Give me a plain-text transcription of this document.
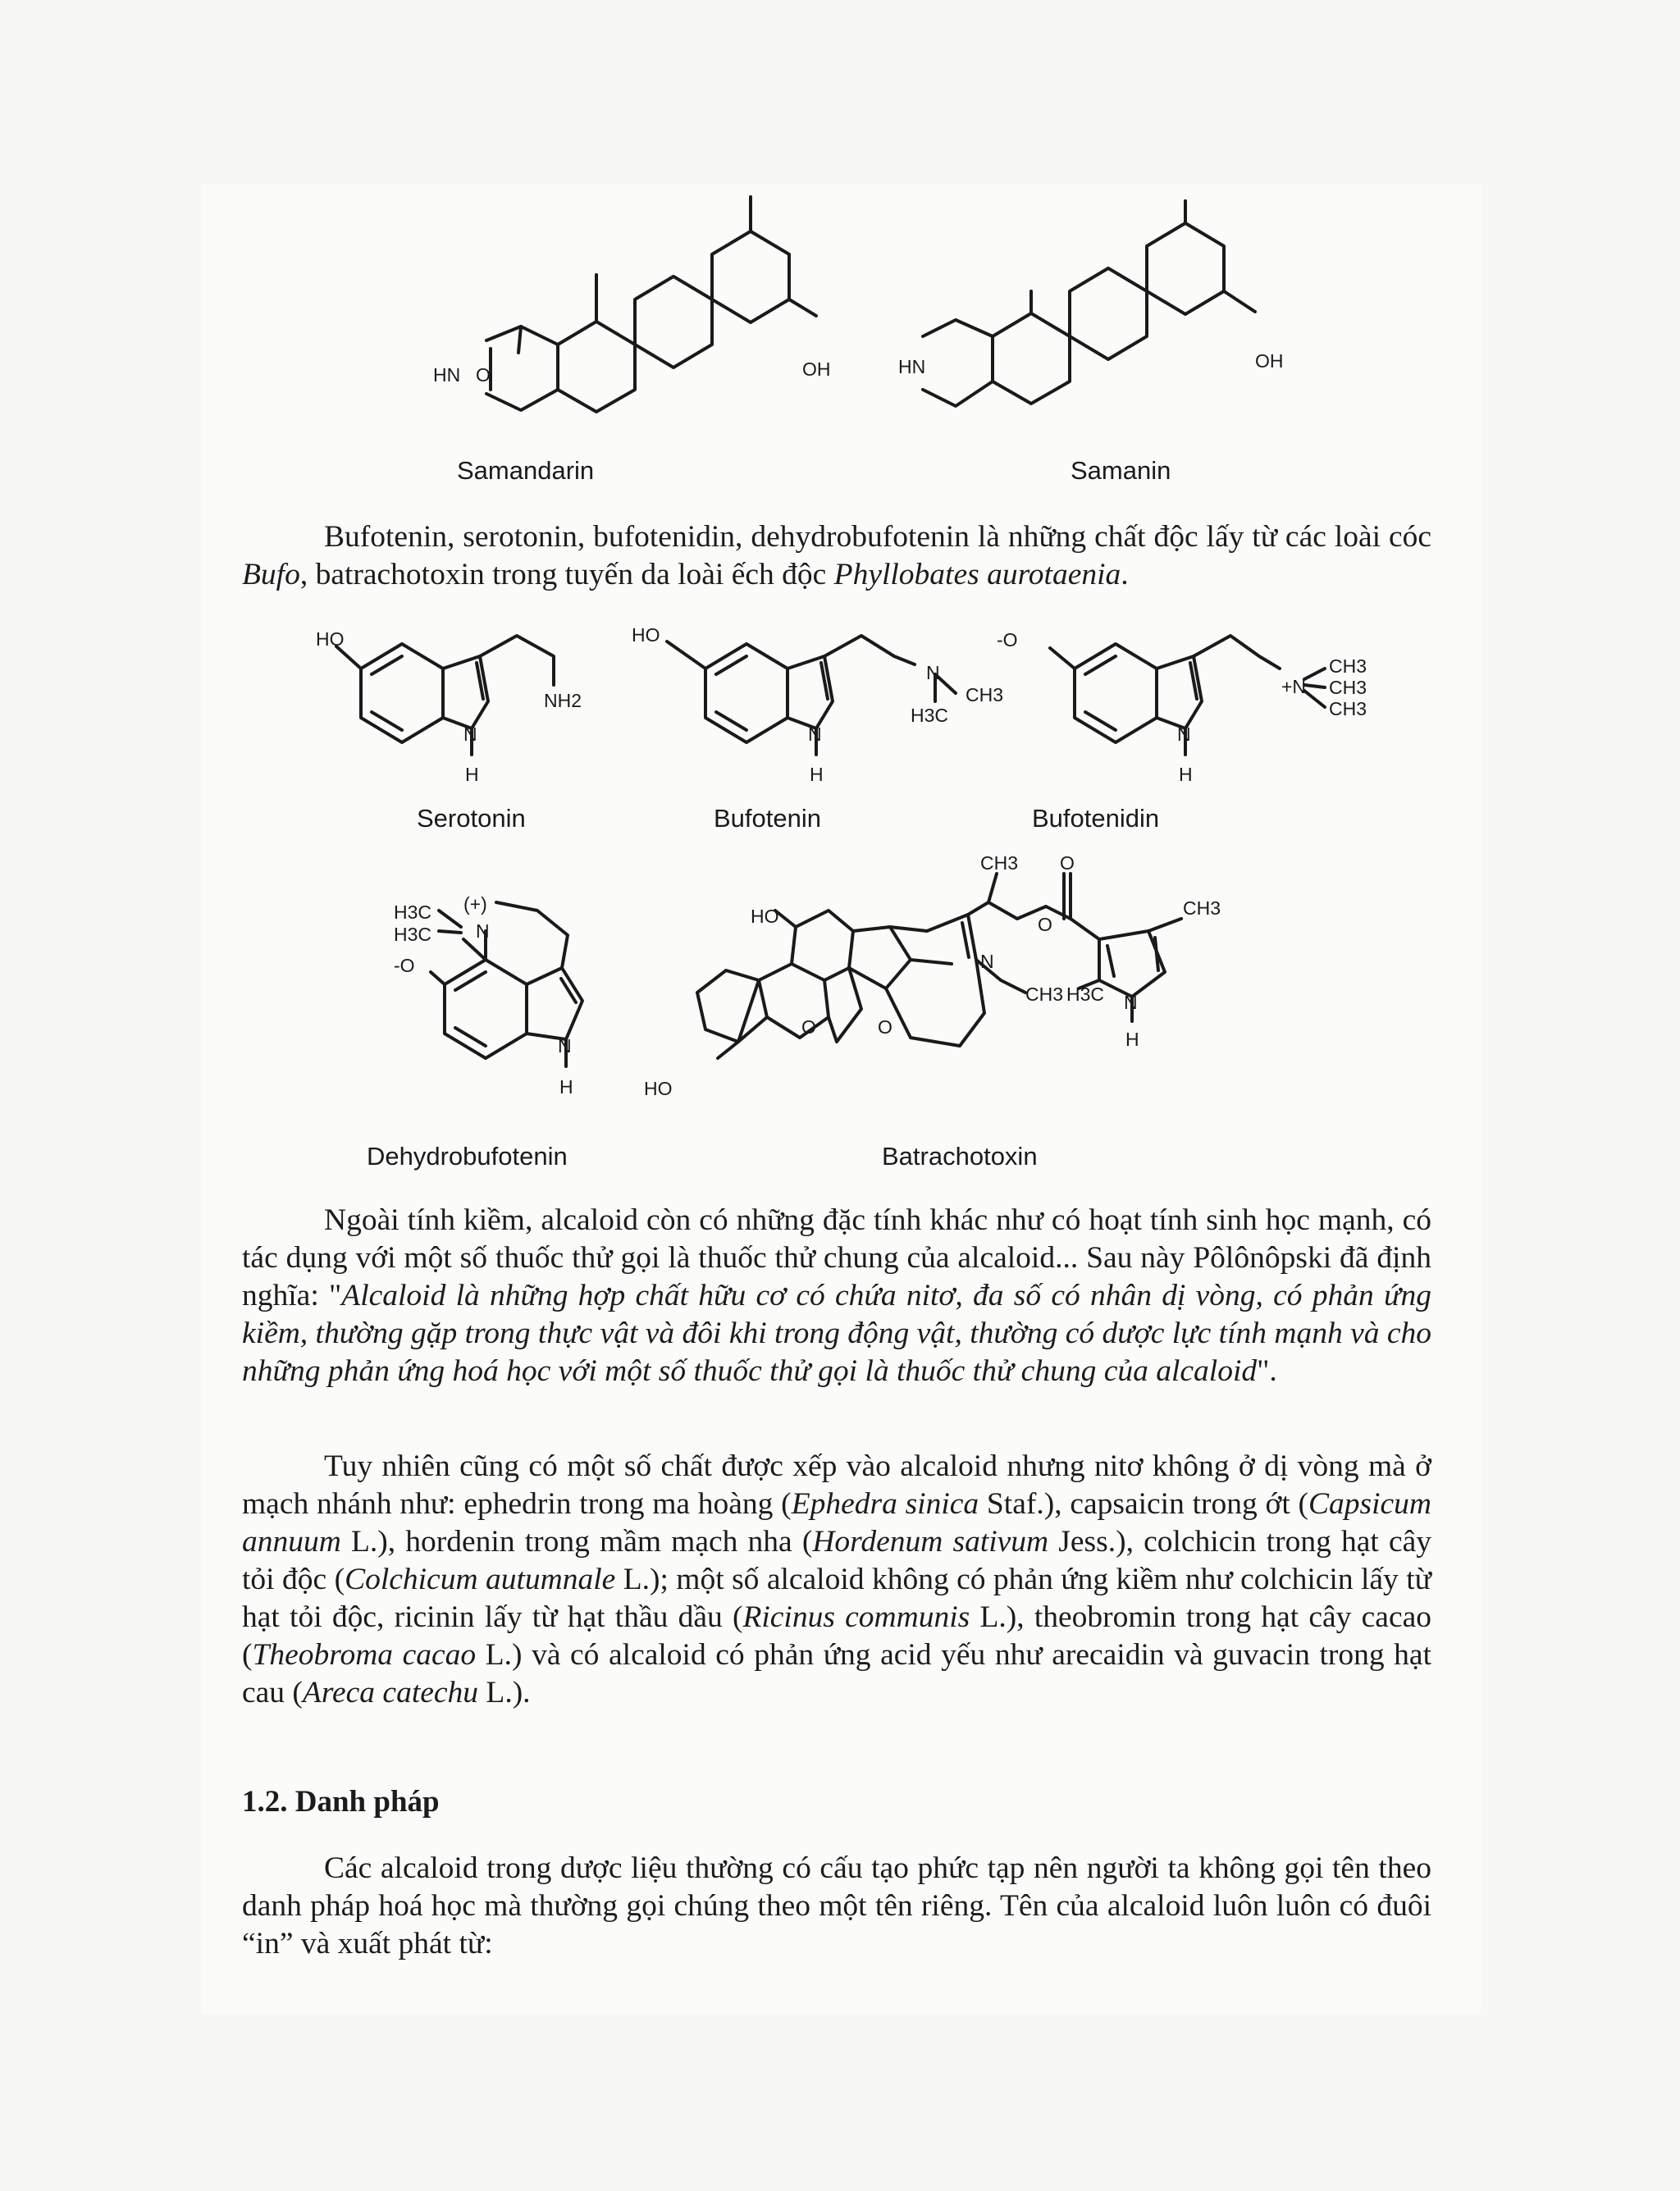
HN O	OH
Samandarin
HN	OH
Samanin
Bufotenin, serotonin, bufotenidin, dehydrobufotenin là những chất độc lấy từ các loài cóc Bufo, batrachotoxin trong tuyến da loài ếch độc Phyllobates aurotaenia.
HO
NH2
N
H
Serotonin
HO
N
CH3
H3C
N
H
Bufotenin
-O
+N
CH3
CH3
CH3
N
H
Bufotenidin
H3C (+)
H3C N
-O
N
H
Dehydrobufotenin
HO
HO
O	O
N
CH3
CH3 O
O
CH3
H3C N
H
Batrachotoxin
Ngoài tính kiềm, alcaloid còn có những đặc tính khác như có hoạt tính sinh học mạnh, có tác dụng với một số thuốc thử gọi là thuốc thử chung của alcaloid... Sau này Pôlônôpski đã định nghĩa: "Alcaloid là những hợp chất hữu cơ có chứa nitơ, đa số có nhân dị vòng, có phản ứng kiềm, thường gặp trong thực vật và đôi khi trong động vật, thường có dược lực tính mạnh và cho những phản ứng hoá học với một số thuốc thử gọi là thuốc thử chung của alcaloid".
Tuy nhiên cũng có một số chất được xếp vào alcaloid nhưng nitơ không ở dị vòng mà ở mạch nhánh như: ephedrin trong ma hoàng (Ephedra sinica Staf.), capsaicin trong ớt (Capsicum annuum L.), hordenin trong mầm mạch nha (Hordenum sativum Jess.), colchicin trong hạt cây tỏi độc (Colchicum autumnale L.); một số alcaloid không có phản ứng kiềm như colchicin lấy từ hạt tỏi độc, ricinin lấy từ hạt thầu dầu (Ricinus communis L.), theobromin trong hạt cây cacao (Theobroma cacao L.) và có alcaloid có phản ứng acid yếu như arecaidin và guvacin trong hạt cau (Areca catechu L.).
1.2. Danh pháp
Các alcaloid trong dược liệu thường có cấu tạo phức tạp nên người ta không gọi tên theo danh pháp hoá học mà thường gọi chúng theo một tên riêng. Tên của alcaloid luôn luôn có đuôi “in” và xuất phát từ:
